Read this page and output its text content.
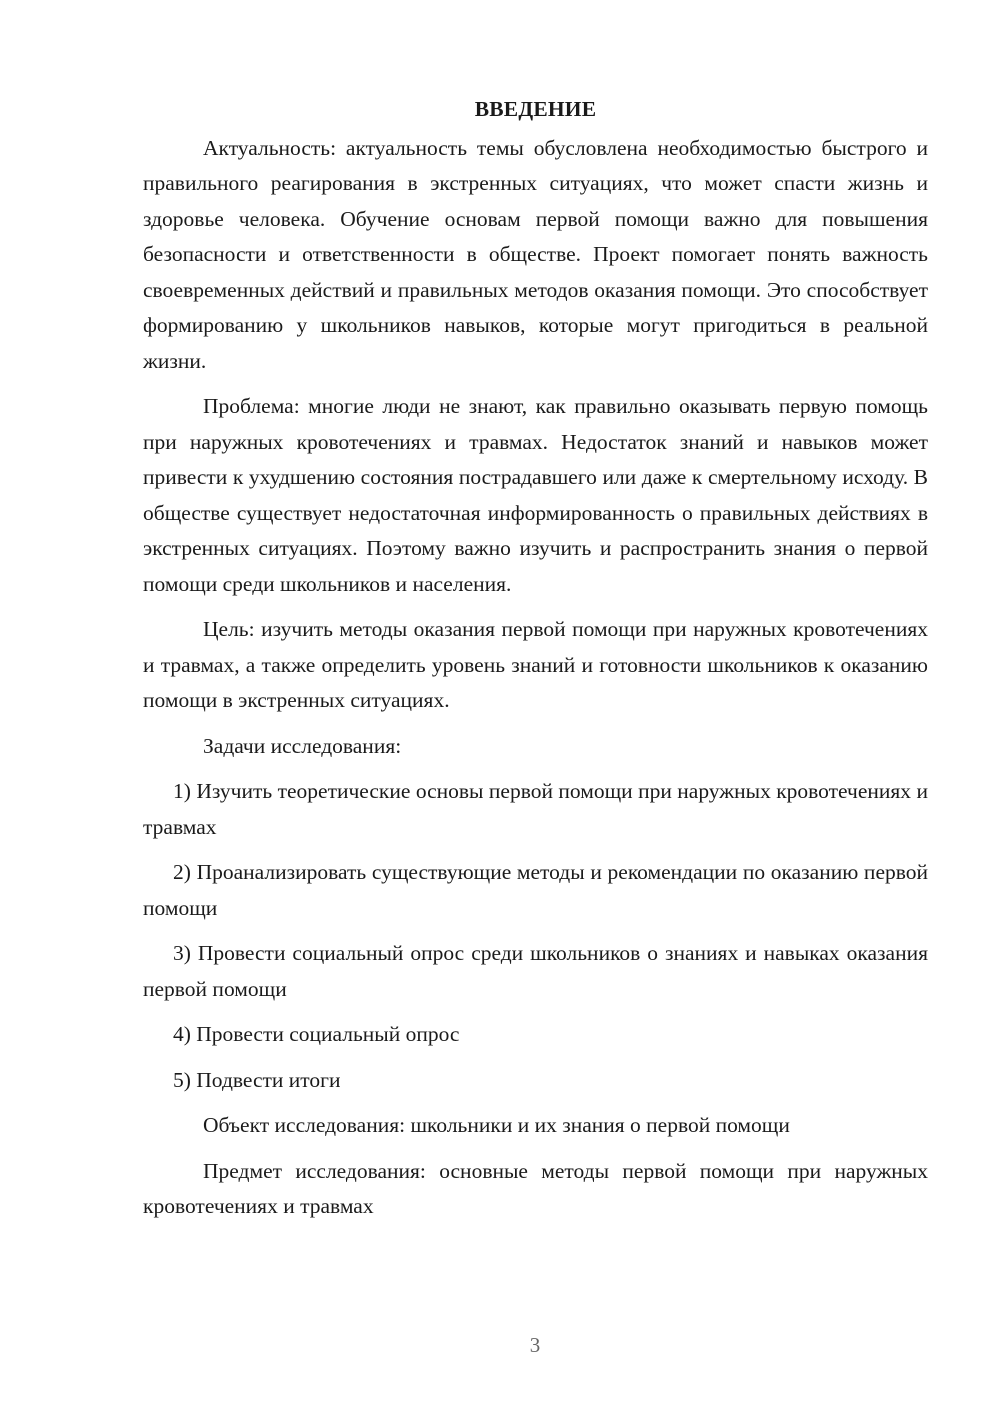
ВВЕДЕНИЕ

Актуальность: актуальность темы обусловлена необходимостью быстрого и правильного реагирования в экстренных ситуациях, что может спасти жизнь и здоровье человека. Обучение основам первой помощи важно для повышения безопасности и ответственности в обществе. Проект помогает понять важность своевременных действий и правильных методов оказания помощи. Это способствует формированию у школьников навыков, которые могут пригодиться в реальной жизни.

Проблема: многие люди не знают, как правильно оказывать первую помощь при наружных кровотечениях и травмах. Недостаток знаний и навыков может привести к ухудшению состояния пострадавшего или даже к смертельному исходу. В обществе существует недостаточная информированность о правильных действиях в экстренных ситуациях. Поэтому важно изучить и распространить знания о первой помощи среди школьников и населения.

Цель: изучить методы оказания первой помощи при наружных кровотечениях и травмах, а также определить уровень знаний и готовности школьников к оказанию помощи в экстренных ситуациях.

Задачи исследования:

1) Изучить теоретические основы первой помощи при наружных кровотечениях и травмах

2) Проанализировать существующие методы и рекомендации по оказанию первой помощи

3) Провести социальный опрос среди школьников о знаниях и навыках оказания первой помощи

4) Провести социальный опрос

5) Подвести итоги

Объект исследования: школьники и их знания о первой помощи

Предмет исследования: основные методы первой помощи при наружных кровотечениях и травмах

3
